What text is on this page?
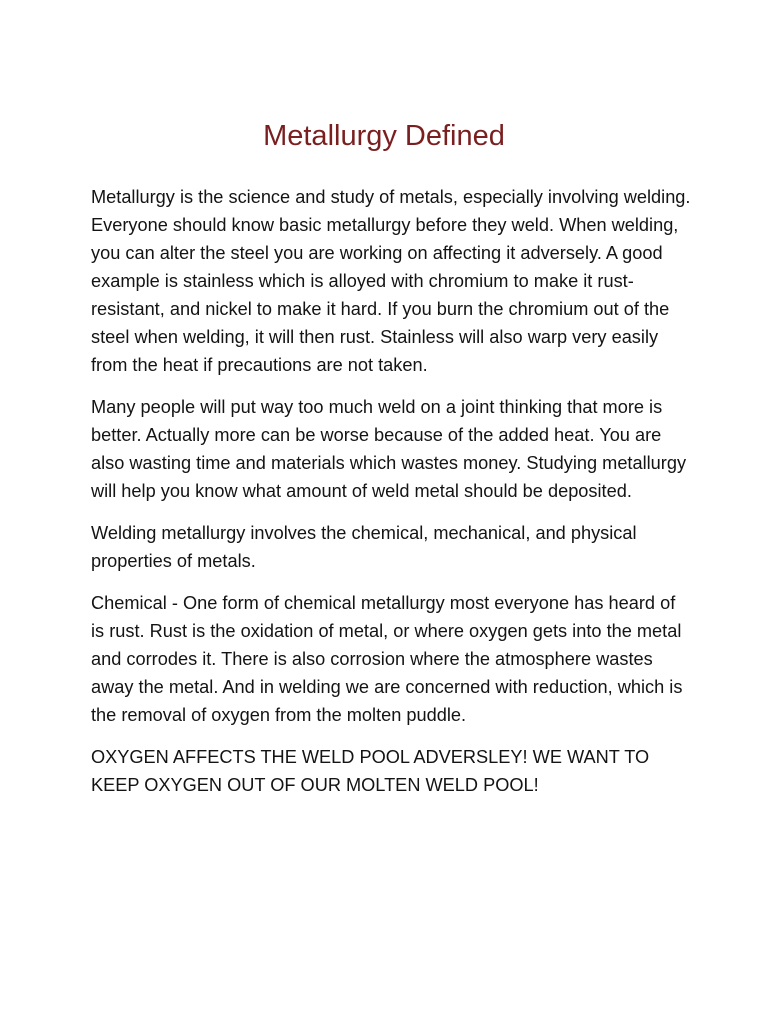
Metallurgy Defined

Metallurgy is the science and study of metals, especially involving welding. Everyone should know basic metallurgy before they weld. When welding, you can alter the steel you are working on affecting it adversely. A good example is stainless which is alloyed with chromium to make it rust-resistant, and nickel to make it hard. If you burn the chromium out of the steel when welding, it will then rust. Stainless will also warp very easily from the heat if precautions are not taken.

Many people will put way too much weld on a joint thinking that more is better. Actually more can be worse because of the added heat. You are also wasting time and materials which wastes money. Studying metallurgy will help you know what amount of weld metal should be deposited.

Welding metallurgy involves the chemical, mechanical, and physical properties of metals.

Chemical - One form of chemical metallurgy most everyone has heard of is rust. Rust is the oxidation of metal, or where oxygen gets into the metal and corrodes it. There is also corrosion where the atmosphere wastes away the metal. And in welding we are concerned with reduction, which is the removal of oxygen from the molten puddle.

OXYGEN AFFECTS THE WELD POOL ADVERSLEY! WE WANT TO KEEP OXYGEN OUT OF OUR MOLTEN WELD POOL!
